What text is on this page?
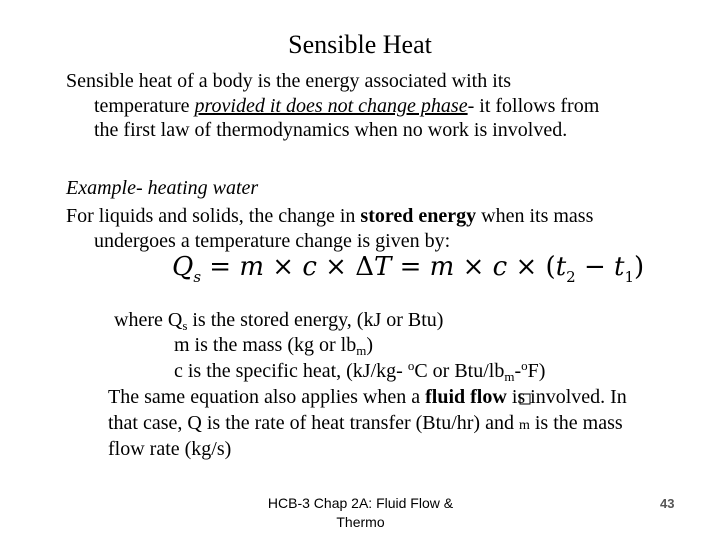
Sensible Heat
Sensible heat of a body is the energy associated with its
temperature provided it does not change phase- it follows from
the first law of thermodynamics when no work is involved.
Example- heating water
For liquids and solids, the change in stored energy when its mass
undergoes a temperature change is given by:
$Q_s = m \times c \times \Delta T = m \times c \times (t_2 - t_1)$
where $Q_s$ is the stored energy, (kJ or Btu)
m is the mass (kg or $lb_m$)
c is the specific heat, (kJ/kg- $^o$C or Btu/$lb_m-^oF$)
The same equation also applies when a fluid flow is involved. In
that case, Q is the rate of heat transfer (Btu/hr) and
m is the mass
flow rate (kg/s)
HCB-3 Chap 2A: Fluid Flow &
Thermo
43
